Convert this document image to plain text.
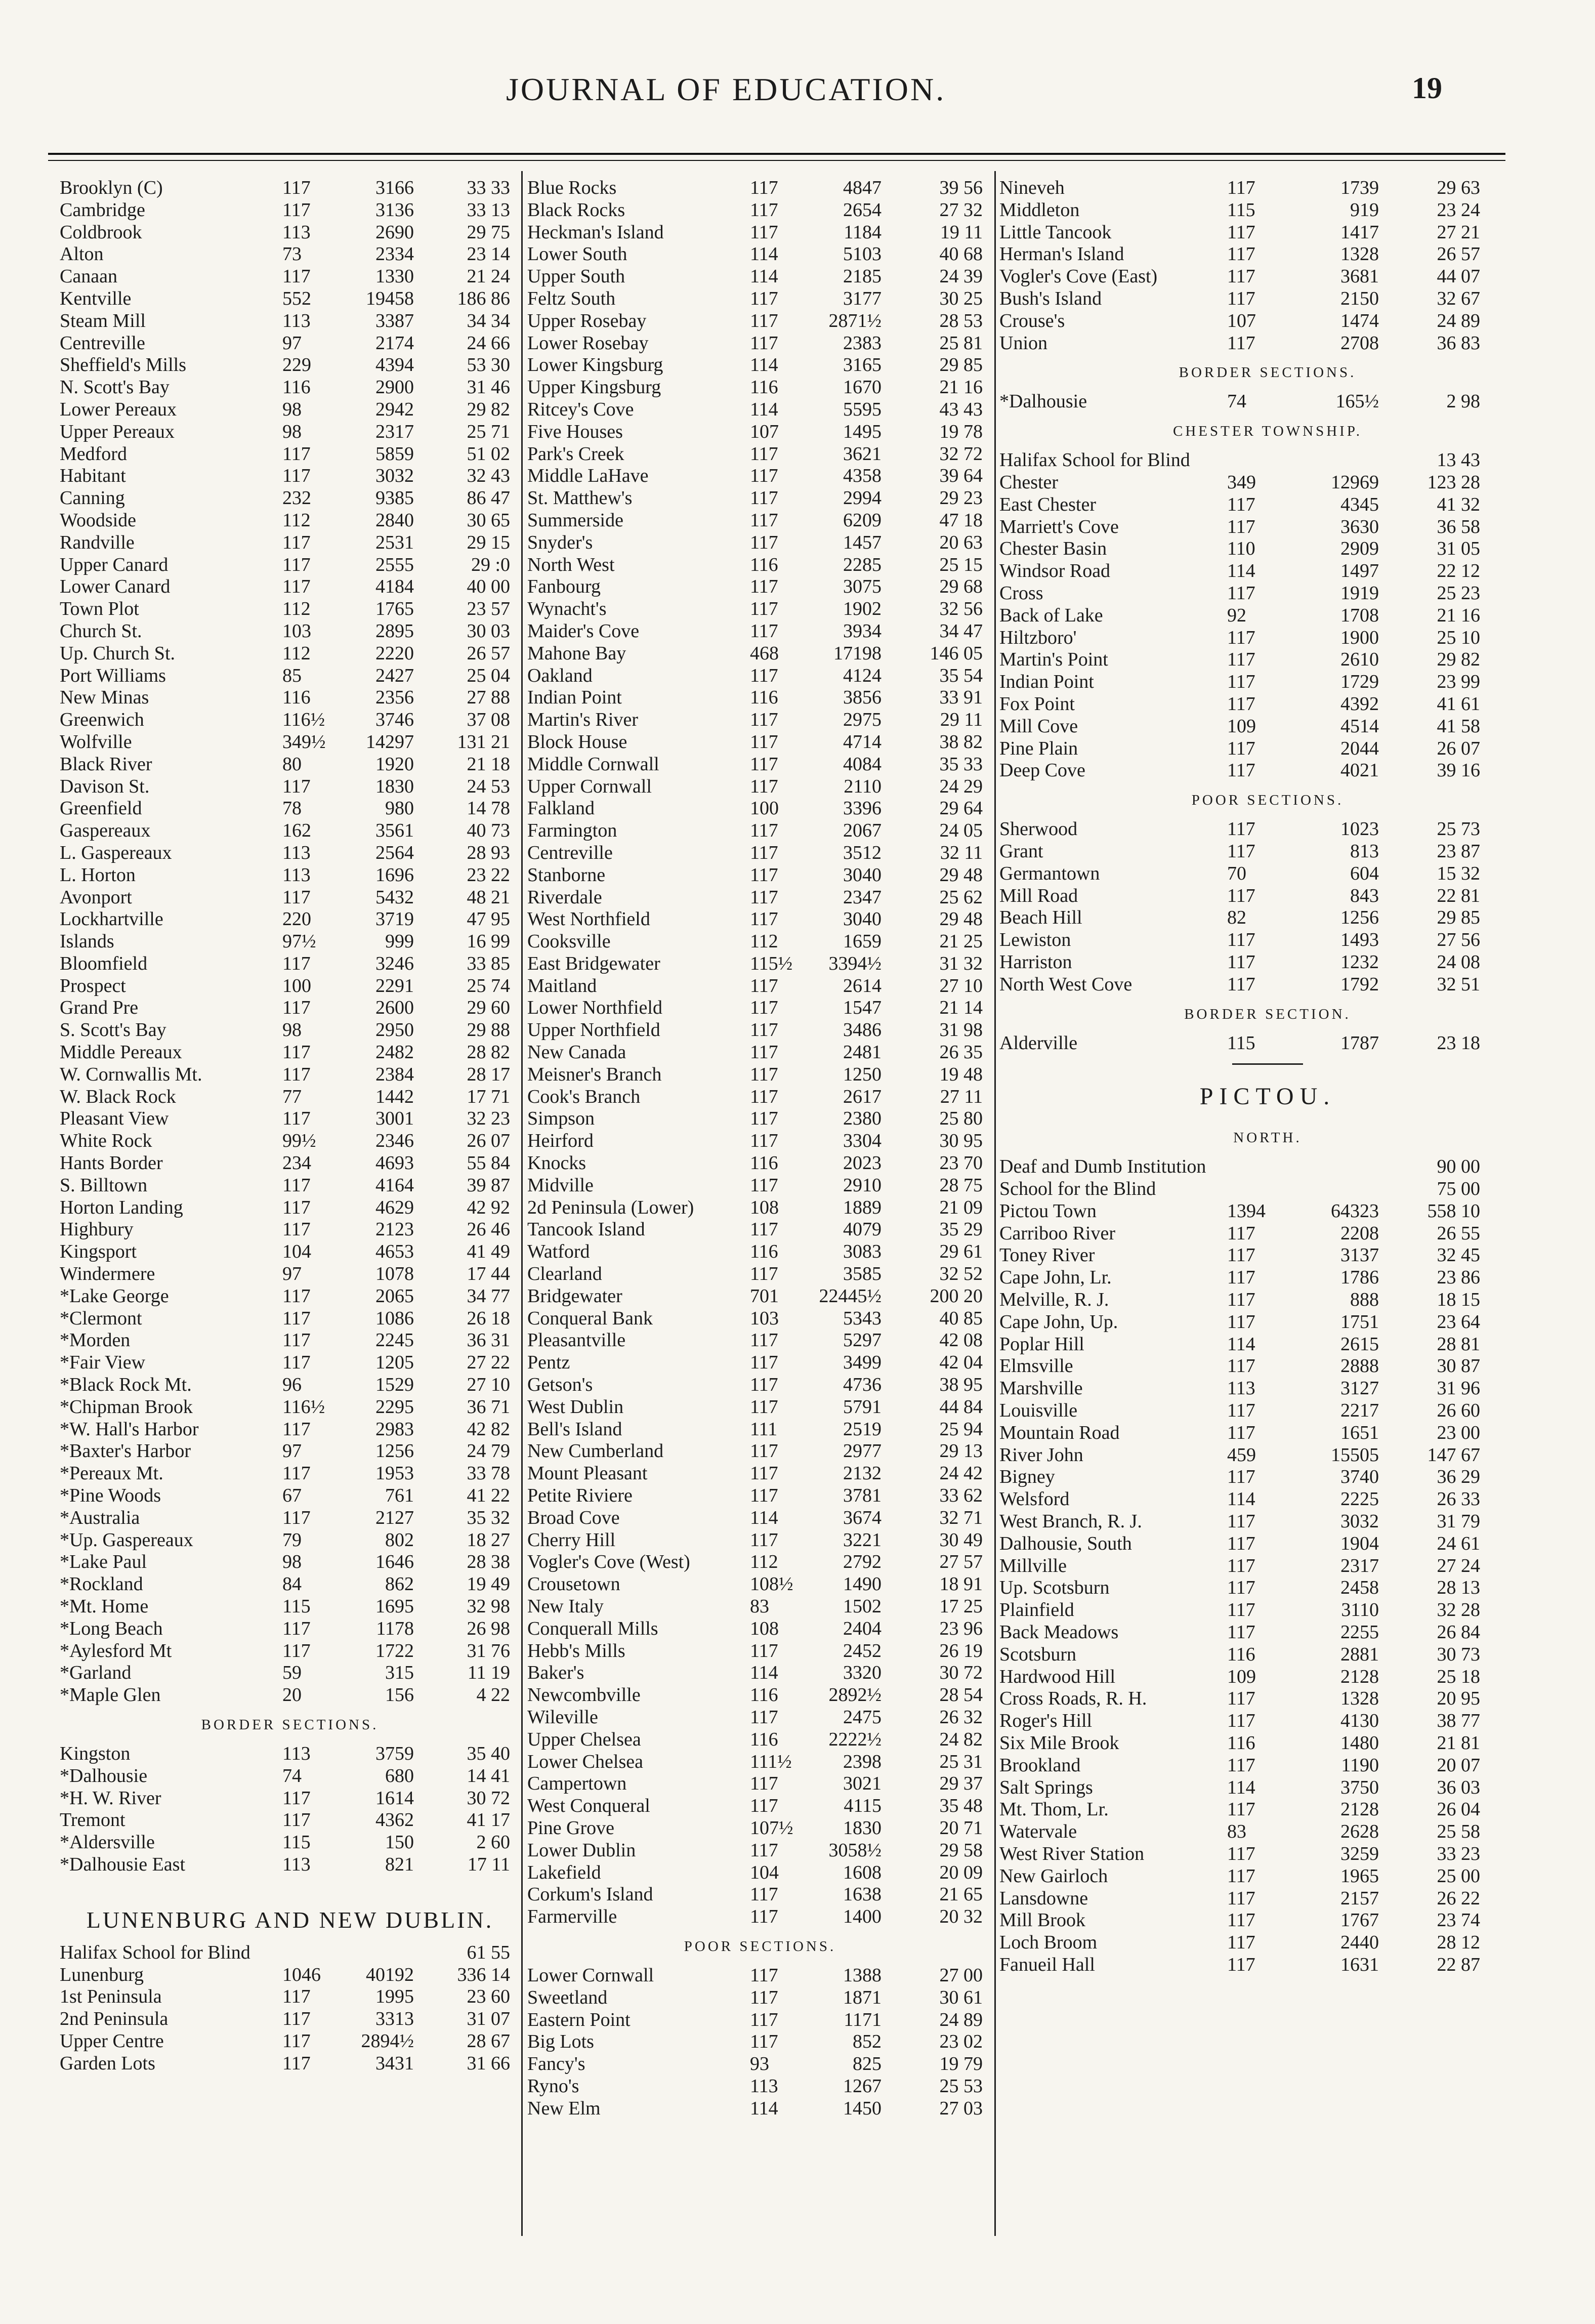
JOURNAL OF EDUCATION.	19
Brooklyn (C)	117	3166	33 33
Cambridge	117	3136	33 13
Coldbrook	113	2690	29 75
Alton	73	2334	23 14
Canaan	117	1330	21 24
Kentville	552	19458	186 86
Steam Mill	113	3387	34 34
Centreville	97	2174	24 66
Sheffield's Mills	229	4394	53 30
N. Scott's Bay	116	2900	31 46
Lower Pereaux	98	2942	29 82
Upper Pereaux	98	2317	25 71
Medford	117	5859	51 02
Habitant	117	3032	32 43
Canning	232	9385	86 47
Woodside	112	2840	30 65
Randville	117	2531	29 15
Upper Canard	117	2555	29 :0
Lower Canard	117	4184	40 00
Town Plot	112	1765	23 57
Church St.	103	2895	30 03
Up. Church St.	112	2220	26 57
Port Williams	85	2427	25 04
New Minas	116	2356	27 88
Greenwich	116½	3746	37 08
Wolfville	349½	14297	131 21
Black River	80	1920	21 18
Davison St.	117	1830	24 53
Greenfield	78	980	14 78
Gaspereaux	162	3561	40 73
L. Gaspereaux	113	2564	28 93
L. Horton	113	1696	23 22
Avonport	117	5432	48 21
Lockhartville	220	3719	47 95
Islands	97½	999	16 99
Bloomfield	117	3246	33 85
Prospect	100	2291	25 74
Grand Pre	117	2600	29 60
S. Scott's Bay	98	2950	29 88
Middle Pereaux	117	2482	28 82
W. Cornwallis Mt.	117	2384	28 17
W. Black Rock	77	1442	17 71
Pleasant View	117	3001	32 23
White Rock	99½	2346	26 07
Hants Border	234	4693	55 84
S. Billtown	117	4164	39 87
Horton Landing	117	4629	42 92
Highbury	117	2123	26 46
Kingsport	104	4653	41 49
Windermere	97	1078	17 44
*Lake George	117	2065	34 77
*Clermont	117	1086	26 18
*Morden	117	2245	36 31
*Fair View	117	1205	27 22
*Black Rock Mt.	96	1529	27 10
*Chipman Brook	116½	2295	36 71
*W. Hall's Harbor	117	2983	42 82
*Baxter's Harbor	97	1256	24 79
*Pereaux Mt.	117	1953	33 78
*Pine Woods	67	761	41 22
*Australia	117	2127	35 32
*Up. Gaspereaux	79	802	18 27
*Lake Paul	98	1646	28 38
*Rockland	84	862	19 49
*Mt. Home	115	1695	32 98
*Long Beach	117	1178	26 98
*Aylesford Mt	117	1722	31 76
*Garland	59	315	11 19
*Maple Glen	20	156	4 22
BORDER SECTIONS.
Kingston	113	3759	35 40
*Dalhousie	74	680	14 41
*H. W. River	117	1614	30 72
Tremont	117	4362	41 17
*Aldersville	115	150	2 60
*Dalhousie East	113	821	17 11
LUNENBURG AND NEW DUBLIN.
Halifax School for Blind	61 55
Lunenburg	1046	40192	336 14
1st Peninsula	117	1995	23 60
2nd Peninsula	117	3313	31 07
Upper Centre	117	2894½	28 67
Garden Lots	117	3431	31 66
Blue Rocks	117	4847	39 56
Black Rocks	117	2654	27 32
Heckman's Island	117	1184	19 11
Lower South	114	5103	40 68
Upper South	114	2185	24 39
Feltz South	117	3177	30 25
Upper Rosebay	117	2871½	28 53
Lower Rosebay	117	2383	25 81
Lower Kingsburg	114	3165	29 85
Upper Kingsburg	116	1670	21 16
Ritcey's Cove	114	5595	43 43
Five Houses	107	1495	19 78
Park's Creek	117	3621	32 72
Middle LaHave	117	4358	39 64
St. Matthew's	117	2994	29 23
Summerside	117	6209	47 18
Snyder's	117	1457	20 63
North West	116	2285	25 15
Fanbourg	117	3075	29 68
Wynacht's	117	1902	32 56
Maider's Cove	117	3934	34 47
Mahone Bay	468	17198	146 05
Oakland	117	4124	35 54
Indian Point	116	3856	33 91
Martin's River	117	2975	29 11
Block House	117	4714	38 82
Middle Cornwall	117	4084	35 33
Upper Cornwall	117	2110	24 29
Falkland	100	3396	29 64
Farmington	117	2067	24 05
Centreville	117	3512	32 11
Stanborne	117	3040	29 48
Riverdale	117	2347	25 62
West Northfield	117	3040	29 48
Cooksville	112	1659	21 25
East Bridgewater	115½	3394½	31 32
Maitland	117	2614	27 10
Lower Northfield	117	1547	21 14
Upper Northfield	117	3486	31 98
New Canada	117	2481	26 35
Meisner's Branch	117	1250	19 48
Cook's Branch	117	2617	27 11
Simpson	117	2380	25 80
Heirford	117	3304	30 95
Knocks	116	2023	23 70
Midville	117	2910	28 75
2d Peninsula (Lower)	108	1889	21 09
Tancook Island	117	4079	35 29
Watford	116	3083	29 61
Clearland	117	3585	32 52
Bridgewater	701	22445½	200 20
Conqueral Bank	103	5343	40 85
Pleasantville	117	5297	42 08
Pentz	117	3499	42 04
Getson's	117	4736	38 95
West Dublin	117	5791	44 84
Bell's Island	111	2519	25 94
New Cumberland	117	2977	29 13
Mount Pleasant	117	2132	24 42
Petite Riviere	117	3781	33 62
Broad Cove	114	3674	32 71
Cherry Hill	117	3221	30 49
Vogler's Cove (West)	112	2792	27 57
Crousetown	108½	1490	18 91
New Italy	83	1502	17 25
Conquerall Mills	108	2404	23 96
Hebb's Mills	117	2452	26 19
Baker's	114	3320	30 72
Newcombville	116	2892½	28 54
Wileville	117	2475	26 32
Upper Chelsea	116	2222½	24 82
Lower Chelsea	111½	2398	25 31
Campertown	117	3021	29 37
West Conqueral	117	4115	35 48
Pine Grove	107½	1830	20 71
Lower Dublin	117	3058½	29 58
Lakefield	104	1608	20 09
Corkum's Island	117	1638	21 65
Farmerville	117	1400	20 32
POOR SECTIONS.
Lower Cornwall	117	1388	27 00
Sweetland	117	1871	30 61
Eastern Point	117	1171	24 89
Big Lots	117	852	23 02
Fancy's	93	825	19 79
Ryno's	113	1267	25 53
New Elm	114	1450	27 03
Nineveh	117	1739	29 63
Middleton	115	919	23 24
Little Tancook	117	1417	27 21
Herman's Island	117	1328	26 57
Vogler's Cove (East)	117	3681	44 07
Bush's Island	117	2150	32 67
Crouse's	107	1474	24 89
Union	117	2708	36 83
BORDER SECTIONS.
*Dalhousie	74	165½	2 98
CHESTER TOWNSHIP.
Halifax School for Blind	13 43
Chester	349	12969	123 28
East Chester	117	4345	41 32
Marriett's Cove	117	3630	36 58
Chester Basin	110	2909	31 05
Windsor Road	114	1497	22 12
Cross	117	1919	25 23
Back of Lake	92	1708	21 16
Hiltzboro'	117	1900	25 10
Martin's Point	117	2610	29 82
Indian Point	117	1729	23 99
Fox Point	117	4392	41 61
Mill Cove	109	4514	41 58
Pine Plain	117	2044	26 07
Deep Cove	117	4021	39 16
POOR SECTIONS.
Sherwood	117	1023	25 73
Grant	117	813	23 87
Germantown	70	604	15 32
Mill Road	117	843	22 81
Beach Hill	82	1256	29 85
Lewiston	117	1493	27 56
Harriston	117	1232	24 08
North West Cove	117	1792	32 51
BORDER SECTION.
Alderville	115	1787	23 18
PICTOU.
NORTH.
Deaf and Dumb Institution	90 00
School for the Blind	75 00
Pictou Town	1394	64323	558 10
Carriboo River	117	2208	26 55
Toney River	117	3137	32 45
Cape John, Lr.	117	1786	23 86
Melville, R. J.	117	888	18 15
Cape John, Up.	117	1751	23 64
Poplar Hill	114	2615	28 81
Elmsville	117	2888	30 87
Marshville	113	3127	31 96
Louisville	117	2217	26 60
Mountain Road	117	1651	23 00
River John	459	15505	147 67
Bigney	117	3740	36 29
Welsford	114	2225	26 33
West Branch, R. J.	117	3032	31 79
Dalhousie, South	117	1904	24 61
Millville	117	2317	27 24
Up. Scotsburn	117	2458	28 13
Plainfield	117	3110	32 28
Back Meadows	117	2255	26 84
Scotsburn	116	2881	30 73
Hardwood Hill	109	2128	25 18
Cross Roads, R. H.	117	1328	20 95
Roger's Hill	117	4130	38 77
Six Mile Brook	116	1480	21 81
Brookland	117	1190	20 07
Salt Springs	114	3750	36 03
Mt. Thom, Lr.	117	2128	26 04
Watervale	83	2628	25 58
West River Station	117	3259	33 23
New Gairloch	117	1965	25 00
Lansdowne	117	2157	26 22
Mill Brook	117	1767	23 74
Loch Broom	117	2440	28 12
Fanueil Hall	117	1631	22 87
